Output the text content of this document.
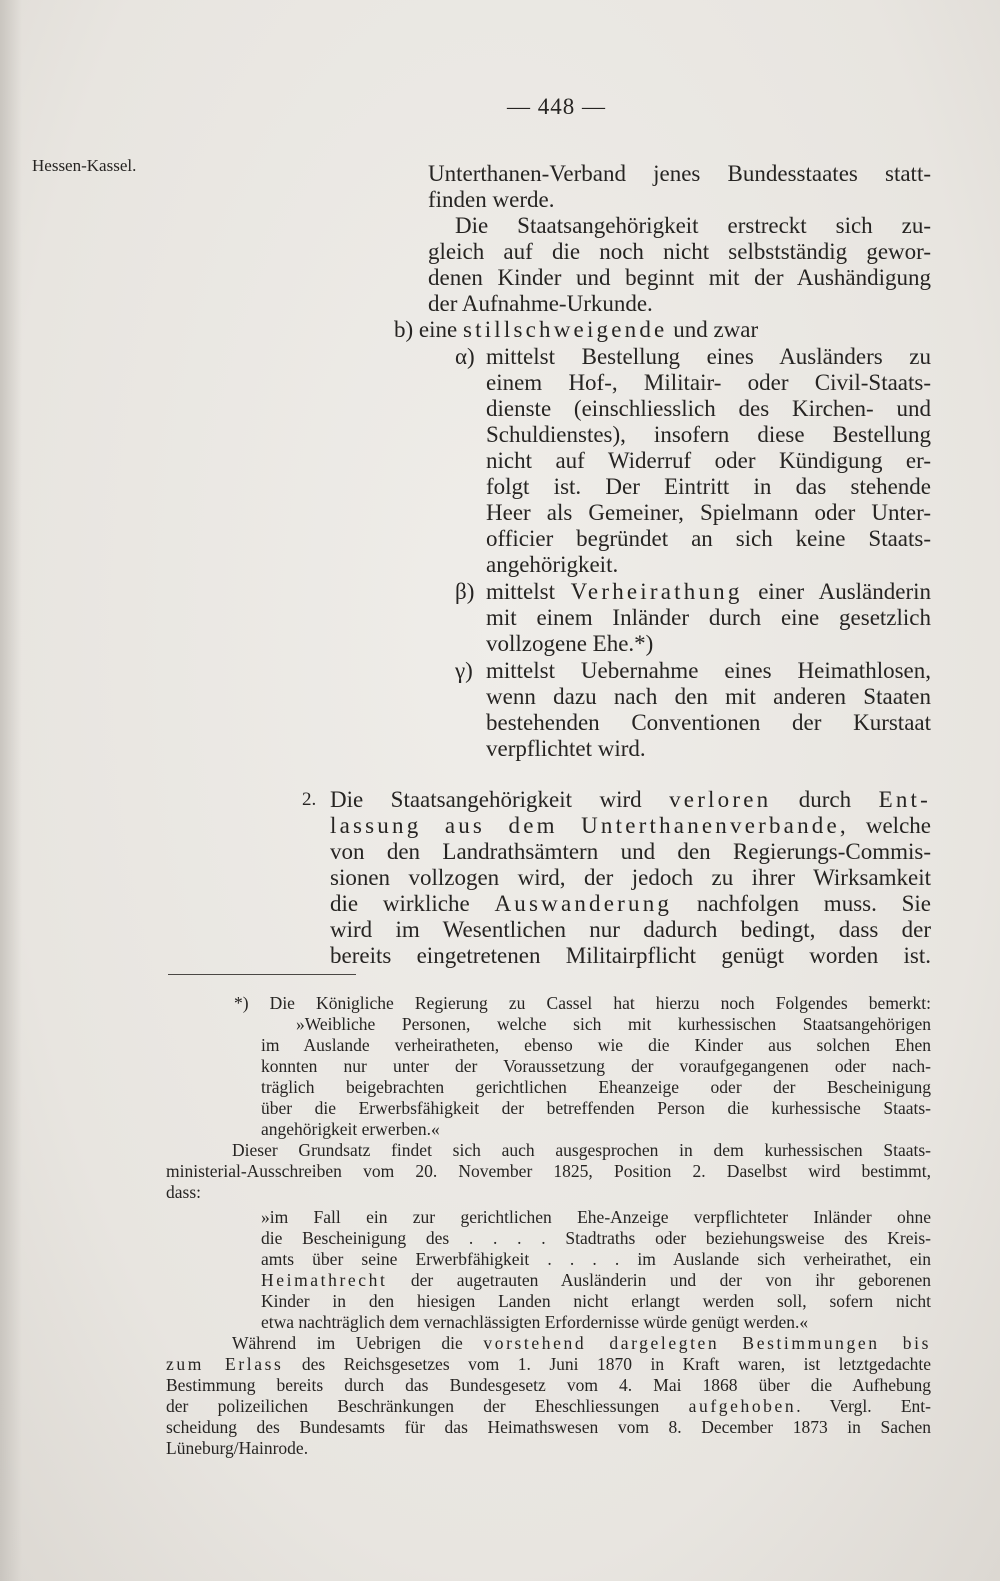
— 448 —
Hessen-Kassel.	Unterthanen-Verband jenes Bundesstaates statt-
finden werde.
Die Staatsangehörigkeit erstreckt sich zu-
gleich auf die noch nicht selbstständig gewor-
denen Kinder und beginnt mit der Aushändigung
der Aufnahme-Urkunde.
b) eine stillschweigende und zwar
α) mittelst Bestellung eines Ausländers zu
einem Hof-, Militair- oder Civil-Staats-
dienste (einschliesslich des Kirchen- und
Schuldienstes), insofern diese Bestellung
nicht auf Widerruf oder Kündigung er-
folgt ist. Der Eintritt in das stehende
Heer als Gemeiner, Spielmann oder Unter-
officier begründet an sich keine Staats-
angehörigkeit.
β) mittelst Verheirathung einer Ausländerin
mit einem Inländer durch eine gesetzlich
vollzogene Ehe.*)
γ) mittelst Uebernahme eines Heimathlosen,
wenn dazu nach den mit anderen Staaten
bestehenden Conventionen der Kurstaat
verpflichtet wird.
2. Die Staatsangehörigkeit wird verloren durch Ent-
lassung aus dem Unterthanenverbande, welche
von den Landrathsämtern und den Regierungs-Commis-
sionen vollzogen wird, der jedoch zu ihrer Wirksamkeit
die wirkliche Auswanderung nachfolgen muss. Sie
wird im Wesentlichen nur dadurch bedingt, dass der
bereits eingetretenen Militairpflicht genügt worden ist.
*) Die Königliche Regierung zu Cassel hat hierzu noch Folgendes bemerkt:
»Weibliche Personen, welche sich mit kurhessischen Staatsangehörigen
im Auslande verheiratheten, ebenso wie die Kinder aus solchen Ehen
konnten nur unter der Voraussetzung der voraufgegangenen oder nach-
träglich beigebrachten gerichtlichen Eheanzeige oder der Bescheinigung
über die Erwerbsfähigkeit der betreffenden Person die kurhessische Staats-
angehörigkeit erwerben.«
Dieser Grundsatz findet sich auch ausgesprochen in dem kurhessischen Staats-
ministerial-Ausschreiben vom 20. November 1825, Position 2. Daselbst wird bestimmt,
dass:
»im Fall ein zur gerichtlichen Ehe-Anzeige verpflichteter Inländer ohne
die Bescheinigung des . . . . Stadtraths oder beziehungsweise des Kreis-
amts über seine Erwerbfähigkeit . . . . im Auslande sich verheirathet, ein
Heimathrecht der augetrauten Ausländerin und der von ihr geborenen
Kinder in den hiesigen Landen nicht erlangt werden soll, sofern nicht
etwa nachträglich dem vernachlässigten Erfordernisse würde genügt werden.«
Während im Uebrigen die vorstehend dargelegten Bestimmungen bis
zum Erlass des Reichsgesetzes vom 1. Juni 1870 in Kraft waren, ist letztgedachte
Bestimmung bereits durch das Bundesgesetz vom 4. Mai 1868 über die Aufhebung
der polizeilichen Beschränkungen der Eheschliessungen aufgehoben. Vergl. Ent-
scheidung des Bundesamts für das Heimathswesen vom 8. December 1873 in Sachen
Lüneburg/Hainrode.
